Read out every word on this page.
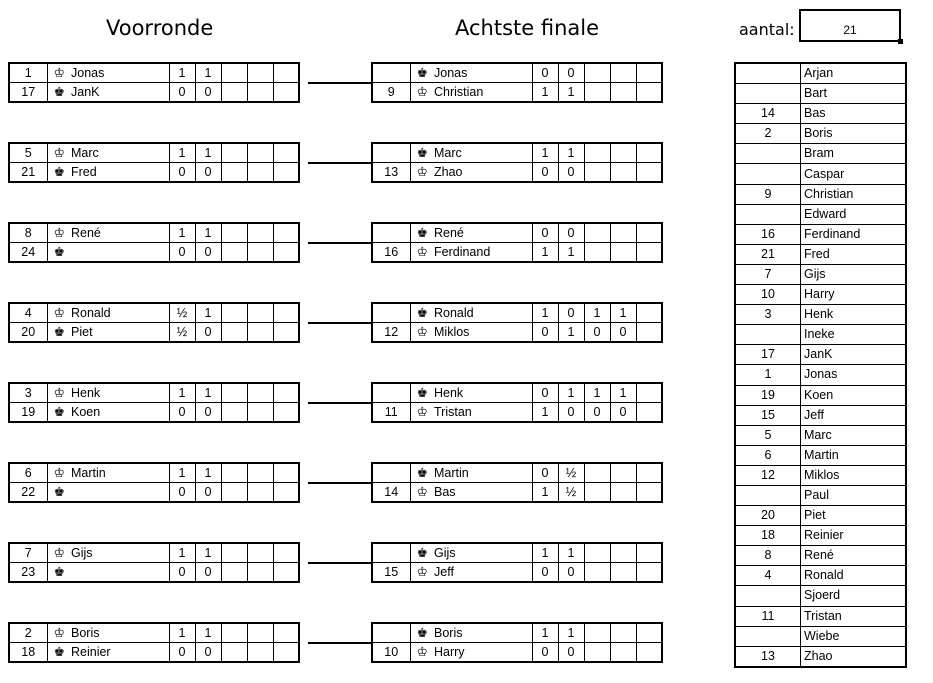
Voorronde	Achtste finale	aantal:	21
1	♔	Jonas	1	1			
17	♚	JanK	0	0			
	♚	Jonas	0	0			
9	♔	Christian	1	1			
5	♔	Marc	1	1			
21	♚	Fred	0	0			
	♚	Marc	1	1			
13	♔	Zhao	0	0			
8	♔	René	1	1			
24	♚		0	0			
	♚	René	0	0			
16	♔	Ferdinand	1	1			
4	♔	Ronald	½	1			
20	♚	Piet	½	0			
	♚	Ronald	1	0	1	1	
12	♔	Miklos	0	1	0	0	
3	♔	Henk	1	1			
19	♚	Koen	0	0			
	♚	Henk	0	1	1	1	
11	♔	Tristan	1	0	0	0	
6	♔	Martin	1	1			
22	♚		0	0			
	♚	Martin	0	½			
14	♔	Bas	1	½			
7	♔	Gijs	1	1			
23	♚		0	0			
	♚	Gijs	1	1			
15	♔	Jeff	0	0			
2	♔	Boris	1	1			
18	♚	Reinier	0	0			
	♚	Boris	1	1			
10	♔	Harry	0	0			
	Arjan
	Bart
14	Bas
2	Boris
	Bram
	Caspar
9	Christian
	Edward
16	Ferdinand
21	Fred
7	Gijs
10	Harry
3	Henk
	Ineke
17	JanK
1	Jonas
19	Koen
15	Jeff
5	Marc
6	Martin
12	Miklos
	Paul
20	Piet
18	Reinier
8	René
4	Ronald
	Sjoerd
11	Tristan
	Wiebe
13	Zhao
